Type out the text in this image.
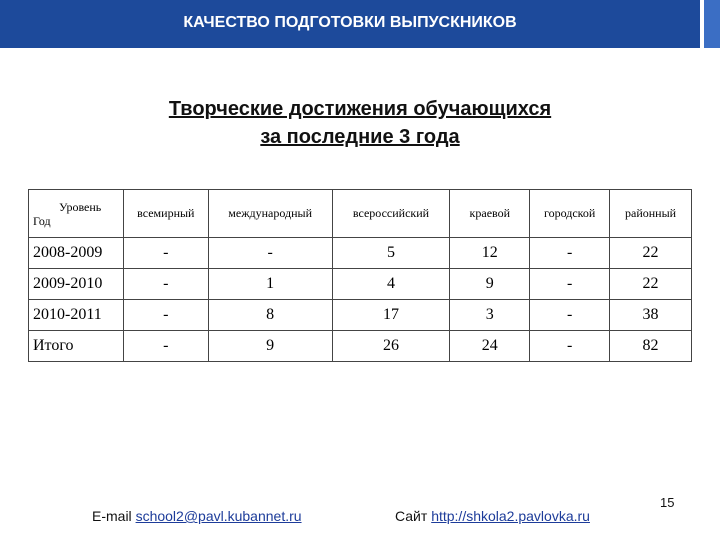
КАЧЕСТВО ПОДГОТОВКИ ВЫПУСКНИКОВ
Творческие достижения обучающихся
за последние 3 года
Уровень
Год	всемирный	международный	всероссийский	краевой	городской	районный
2008-2009	-	-	5	12	-	22
2009-2010	-	1	4	9	-	22
2010-2011	-	8	17	3	-	38
Итого	-	9	26	24	-	82
E-mail school2@pavl.kubannet.ru	Сайт http://shkola2.pavlovka.ru
15
